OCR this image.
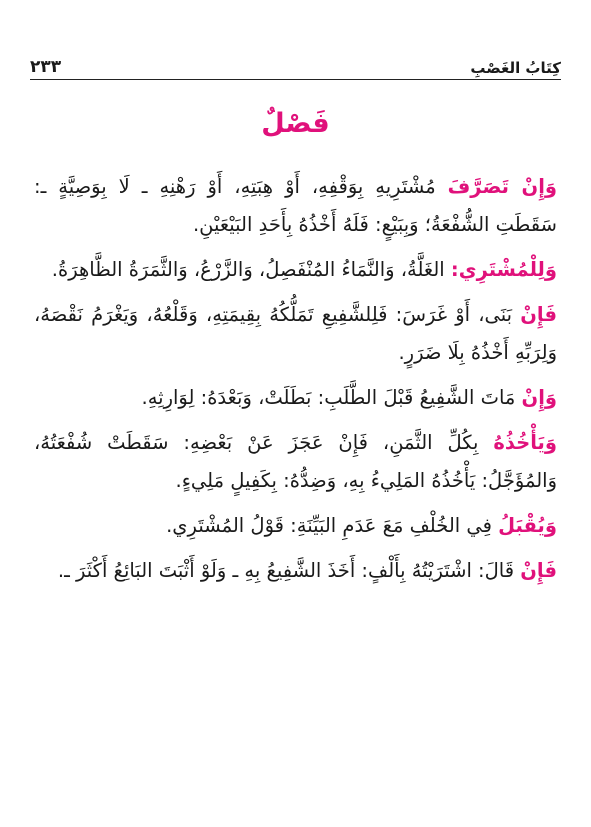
٢٣٣	كِتَابُ الغَصْبِ
فَصْلٌ

وَإِنْ تَصَرَّفَ مُشْتَرِيهِ بِوَقْفِهِ، أَوْ هِبَتِهِ، أَوْ رَهْنِهِ ـ لَا بِوَصِيَّةٍ ـ: سَقَطَتِ الشُّفْعَةُ؛ وَبِبَيْعٍ: فَلَهُ أَخْذُهُ بِأَحَدِ البَيْعَيْنِ.

وَلِلْمُشْتَرِي: الغَلَّةُ، وَالنَّمَاءُ المُنْفَصِلُ، وَالزَّرْعُ، وَالثَّمَرَةُ الظَّاهِرَةُ.

فَإِنْ بَنَى، أَوْ غَرَسَ: فَلِلشَّفِيعِ تَمَلُّكُهُ بِقِيمَتِهِ، وَقَلْعُهُ، وَيَغْرَمُ نَقْصَهُ، وَلِرَبِّهِ أَخْذُهُ بِلَا ضَرَرٍ.

وَإِنْ مَاتَ الشَّفِيعُ قَبْلَ الطَّلَبِ: بَطَلَتْ، وَبَعْدَهُ: لِوَارِثِهِ.

وَيَأْخُذُهُ بِكُلِّ الثَّمَنِ، فَإِنْ عَجَزَ عَنْ بَعْضِهِ: سَقَطَتْ شُفْعَتُهُ، وَالمُؤَجَّلُ: يَأْخُذُهُ المَلِيءُ بِهِ، وَضِدُّهُ: بِكَفِيلٍ مَلِيءٍ.

وَيُقْبَلُ فِي الخُلْفِ مَعَ عَدَمِ البَيِّنَةِ: قَوْلُ المُشْتَرِي.

فَإِنْ قَالَ: اشْتَرَيْتُهُ بِأَلْفٍ: أَخَذَ الشَّفِيعُ بِهِ ـ وَلَوْ أَثْبَتَ البَائِعُ أَكْثَرَ ـ.
